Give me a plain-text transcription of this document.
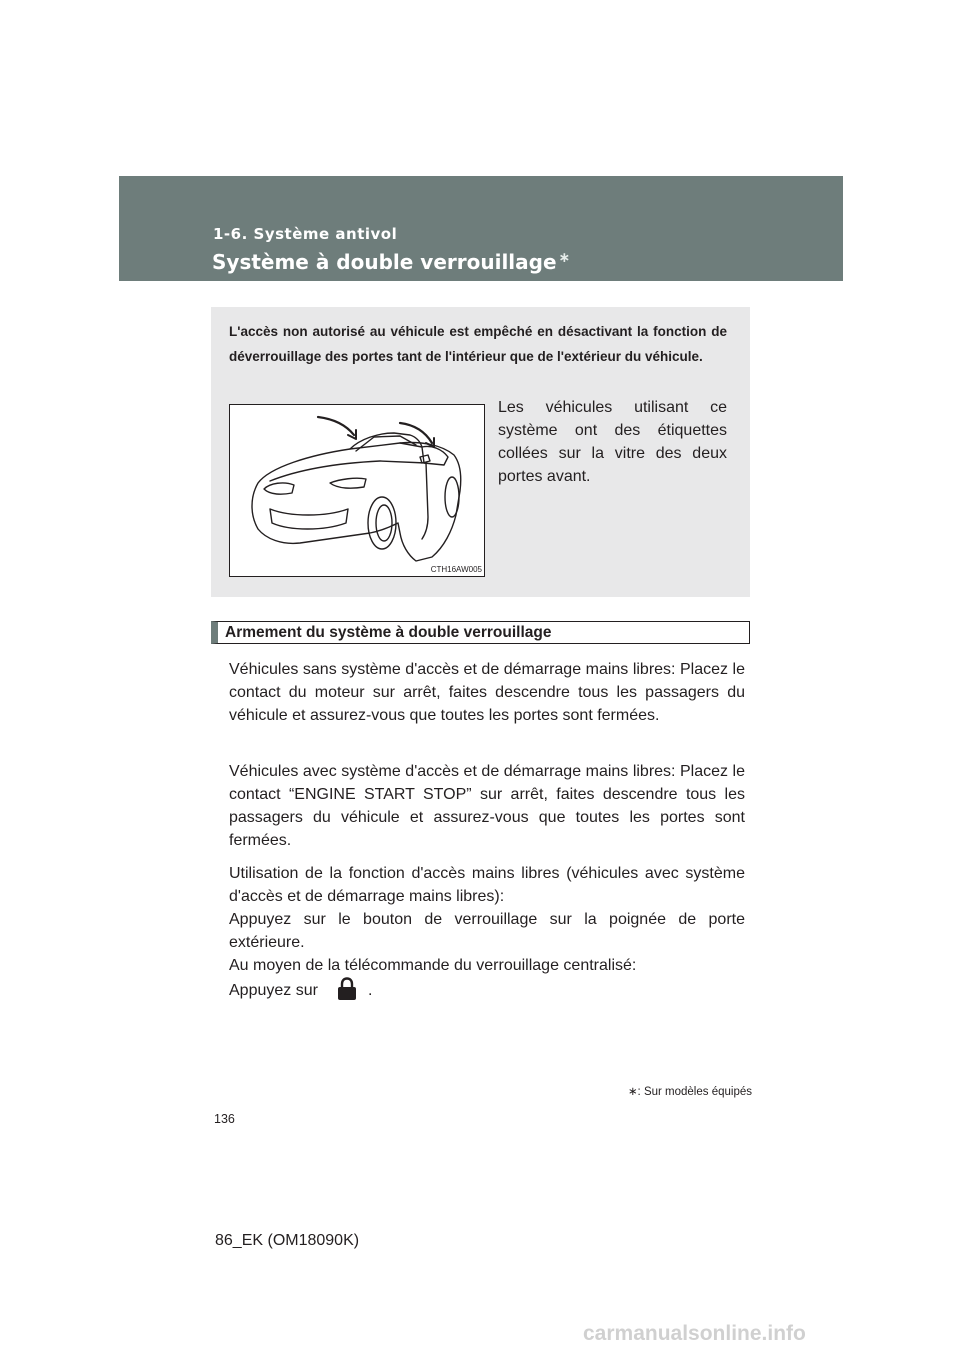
1-6. Système antivol
Système à double verrouillage ∗
L'accès non autorisé au véhicule est empêché en désactivant la fonction de déverrouillage des portes tant de l'intérieur que de l'extérieur du véhicule.
CTH16AW005
Les véhicules utilisant ce système ont des étiquettes collées sur la vitre des deux portes avant.
Armement du système à double verrouillage

Véhicules sans système d'accès et de démarrage mains libres: Placez le contact du moteur sur arrêt, faites descendre tous les passagers du véhicule et assurez-vous que toutes les portes sont fermées.

Véhicules avec système d'accès et de démarrage mains libres: Placez le contact “ENGINE START STOP” sur arrêt, faites descendre tous les passagers du véhicule et assurez-vous que toutes les portes sont fermées.

Utilisation de la fonction d'accès mains libres (véhicules avec système d'accès et de démarrage mains libres):
Appuyez sur le bouton de verrouillage sur la poignée de porte extérieure.
Au moyen de la télécommande du verrouillage centralisé:
Appuyez sur	.
∗: Sur modèles équipés
136
86_EK (OM18090K)
carmanualsonline.info
